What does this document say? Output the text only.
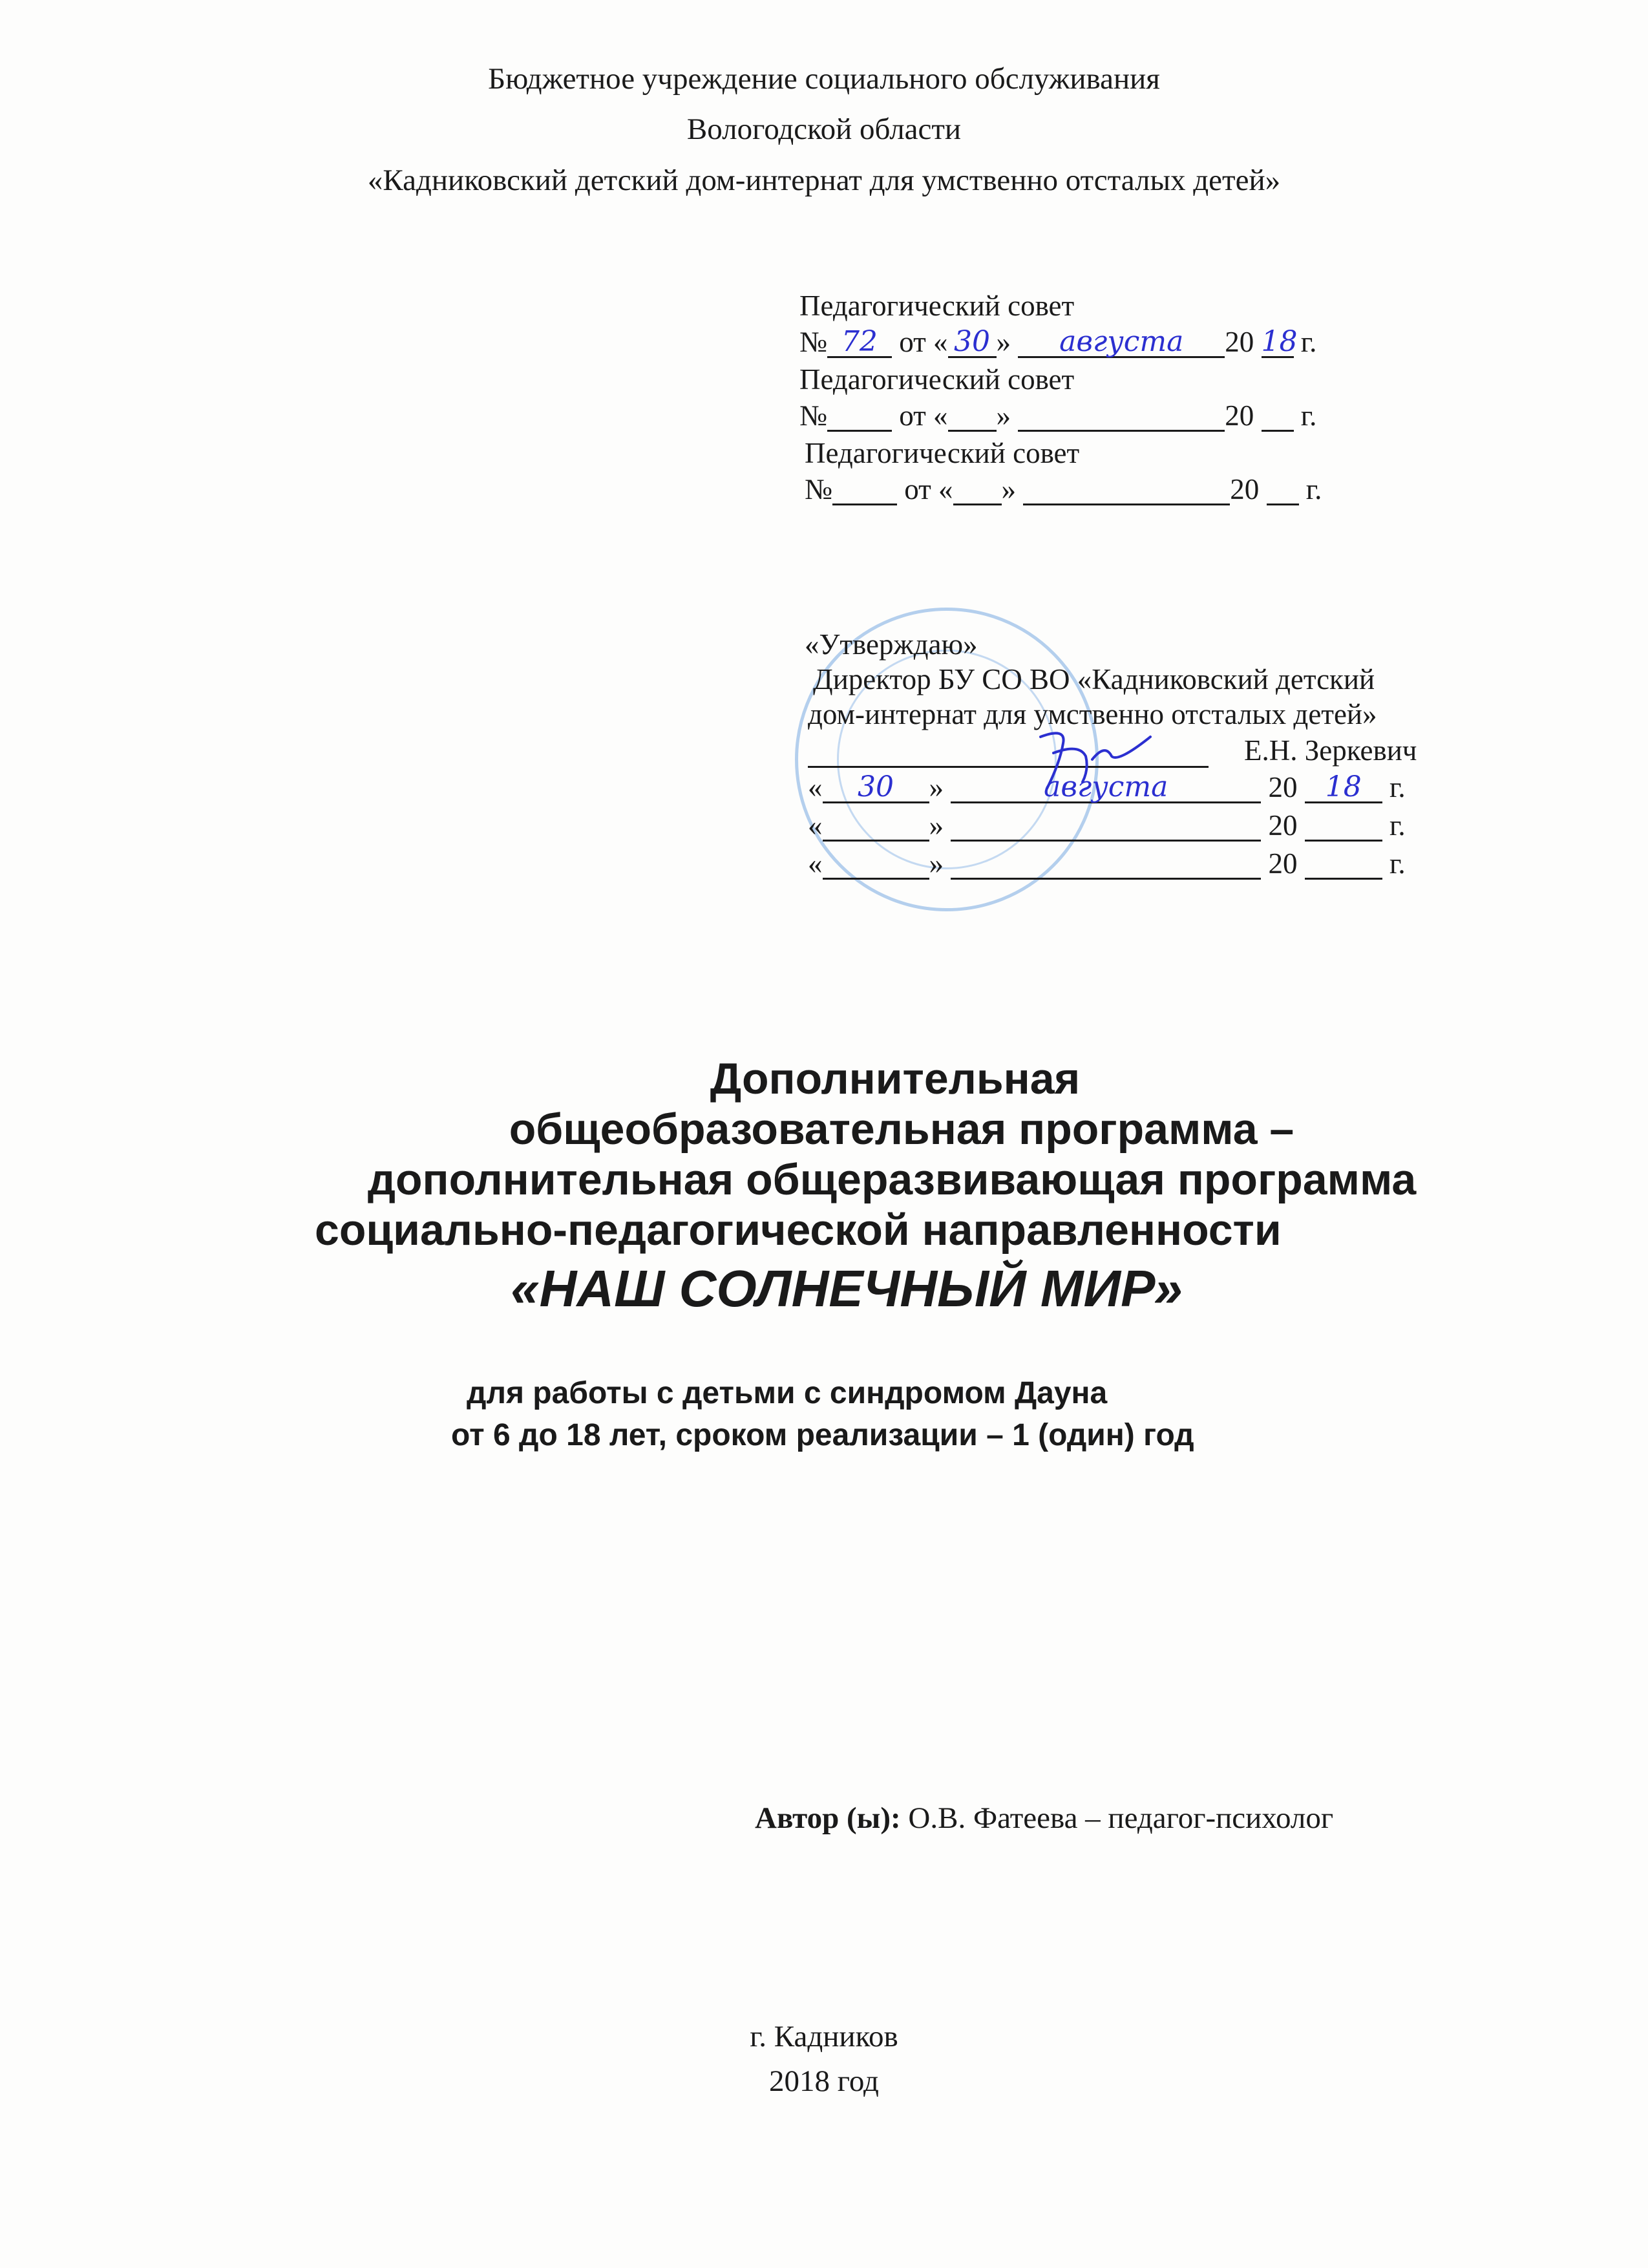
Бюджетное учреждение социального обслуживания
Вологодской области
«Кадниковский детский дом-интернат для умственно отсталых детей»
Педагогический совет
№ 72 от « 30 » августа 20 18 г.
Педагогический совет
№ от « »	20 г.
Педагогический совет
№ от « »	20 г.
«Утверждаю»
Директор БУ СО ВО «Кадниковский детский
дом-интернат для умственно отсталых детей»
Е.Н. Зеркевич
« 30 »	августа	20 18 г.
«	»	20	г.
«	»	20	г.
Дополнительная
общеобразовательная программа –
дополнительная общеразвивающая программа
социально-педагогической направленности
«НАШ СОЛНЕЧНЫЙ МИР»
для работы с детьми с синдромом Дауна
от 6 до 18 лет, сроком реализации – 1 (один) год
Автор (ы): О.В. Фатеева – педагог-психолог
г. Кадников
2018 год
